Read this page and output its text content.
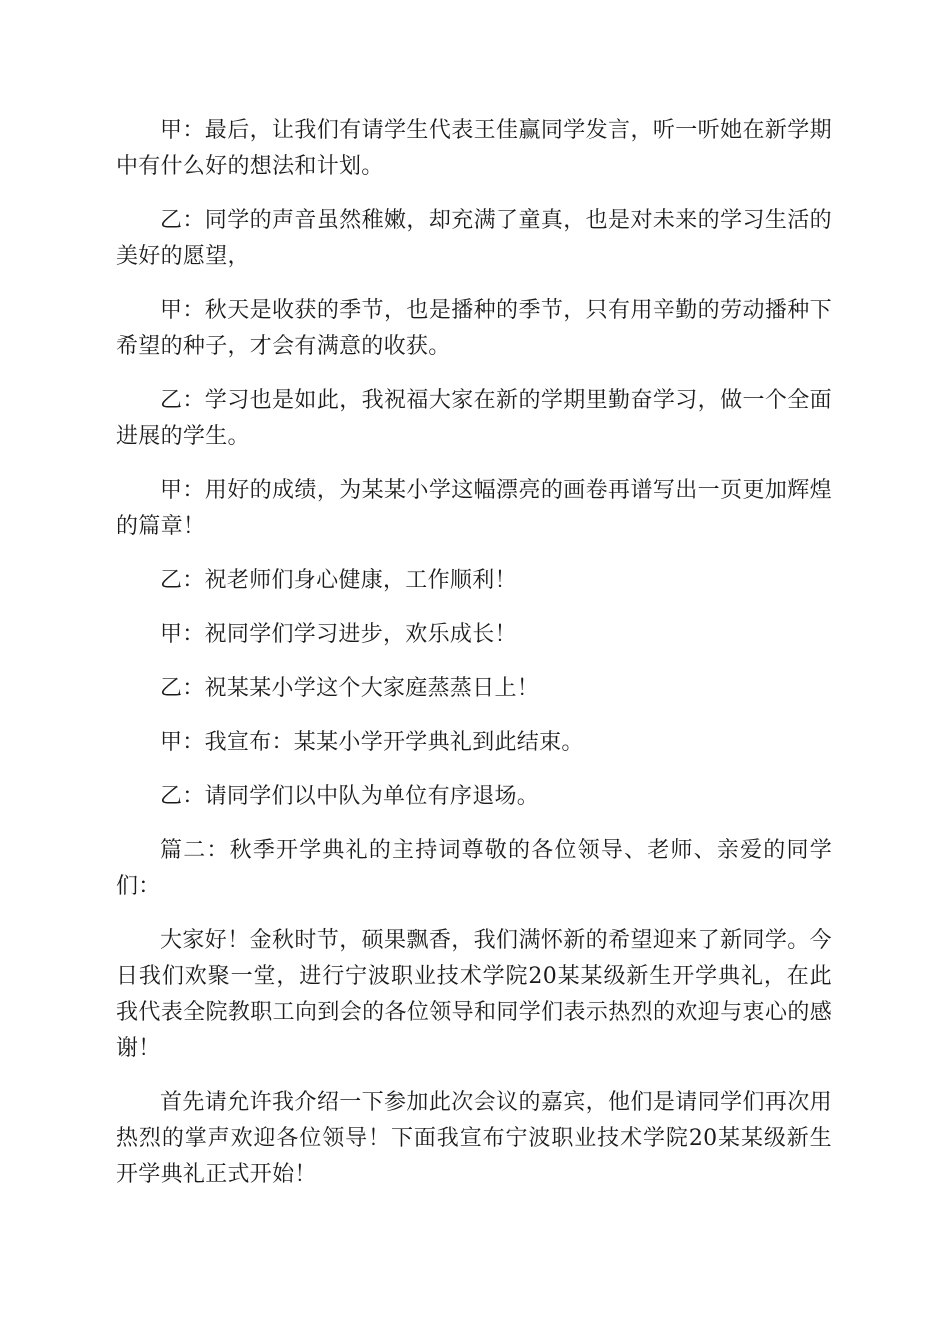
甲：最后，让我们有请学生代表王佳赢同学发言，听一听她在新学期中有什么好的想法和计划。

乙：同学的声音虽然稚嫩，却充满了童真，也是对未来的学习生活的美好的愿望，

甲：秋天是收获的季节，也是播种的季节，只有用辛勤的劳动播种下希望的种子，才会有满意的收获。

乙：学习也是如此，我祝福大家在新的学期里勤奋学习，做一个全面进展的学生。

甲：用好的成绩，为某某小学这幅漂亮的画卷再谱写出一页更加辉煌的篇章！

乙：祝老师们身心健康，工作顺利！

甲：祝同学们学习进步，欢乐成长！

乙：祝某某小学这个大家庭蒸蒸日上！

甲：我宣布：某某小学开学典礼到此结束。

乙：请同学们以中队为单位有序退场。

篇二：秋季开学典礼的主持词尊敬的各位领导、老师、亲爱的同学们：

大家好！金秋时节，硕果飘香，我们满怀新的希望迎来了新同学。今日我们欢聚一堂，进行宁波职业技术学院20某某级新生开学典礼，在此我代表全院教职工向到会的各位领导和同学们表示热烈的欢迎与衷心的感谢！

首先请允许我介绍一下参加此次会议的嘉宾，他们是请同学们再次用热烈的掌声欢迎各位领导！下面我宣布宁波职业技术学院20某某级新生开学典礼正式开始！
